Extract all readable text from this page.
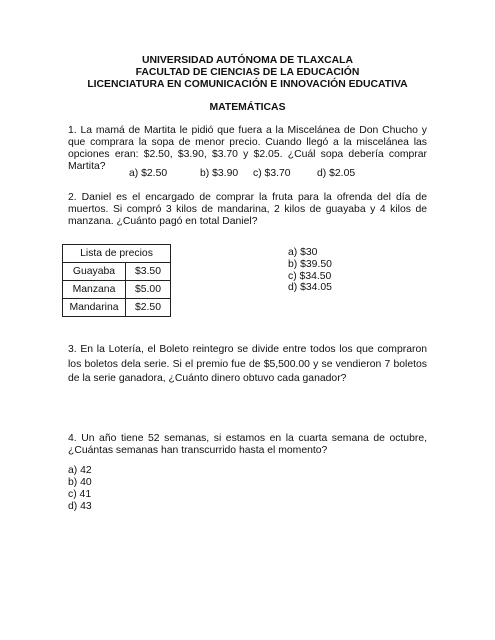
UNIVERSIDAD AUTÓNOMA DE TLAXCALA
FACULTAD DE CIENCIAS DE LA EDUCACIÓN
LICENCIATURA EN COMUNICACIÓN E INNOVACIÓN EDUCATIVA
MATEMÁTICAS
1. La mamá de Martita le pidió que fuera a la Miscelánea de Don Chucho y que comprara la sopa de menor precio. Cuando llegó a la miscelánea las opciones eran: $2.50, $3.90, $3.70 y $2.05. ¿Cuál sopa debería comprar Martita?
a) $2.50	b) $3.90 c) $3.70	d) $2.05
2. Daniel es el encargado de comprar la fruta para la ofrenda del día de muertos. Si compró 3 kilos de mandarina, 2 kilos de guayaba y 4 kilos de manzana. ¿Cuánto pagó en total Daniel?
Lista de precios	
Guayaba	$3.50
Manzana	$5.00
Mandarina	$2.50
a) $30
b) $39.50
c) $34.50
d) $34.05
3. En la Lotería, el Boleto reintegro se divide entre todos los que compraron los boletos dela serie. Si el premio fue de $5,500.00 y se vendieron 7 boletos de la serie ganadora, ¿Cuánto dinero obtuvo cada ganador?
4. Un año tiene 52 semanas, si estamos en la cuarta semana de octubre, ¿Cuántas semanas han transcurrido hasta el momento?
a) 42
b) 40
c) 41
d) 43
